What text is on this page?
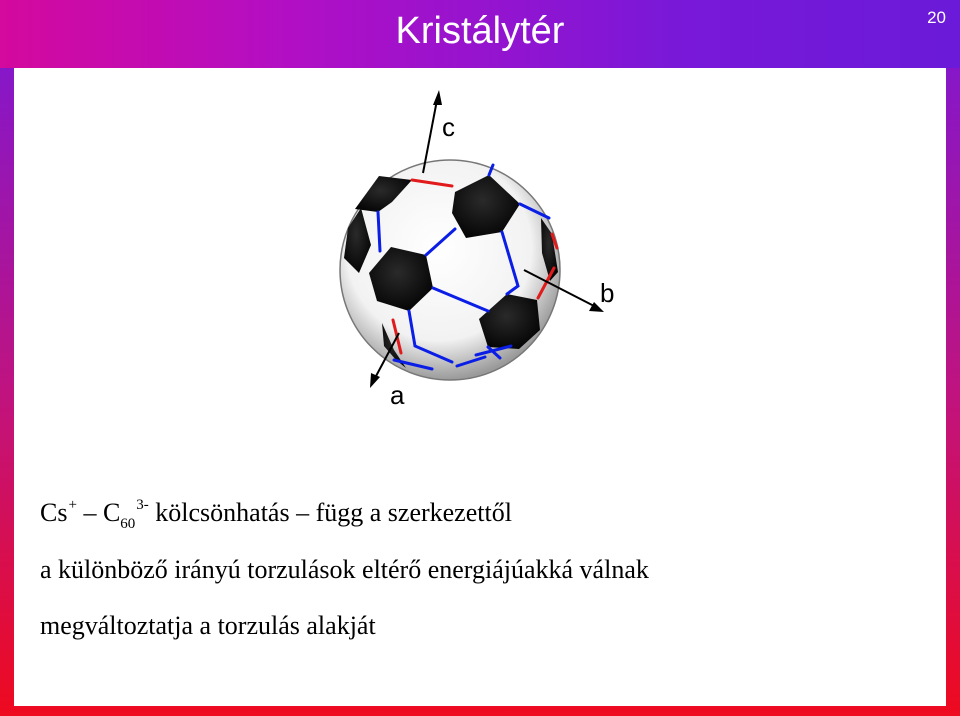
Kristálytér	20
c
b
a
$Cs^+ - C_{60}^{3-}$ kölcsönhatás – függ a szerkezettől
a különböző irányú torzulások eltérő energiájúakká válnak
megváltoztatja a torzulás alakját
